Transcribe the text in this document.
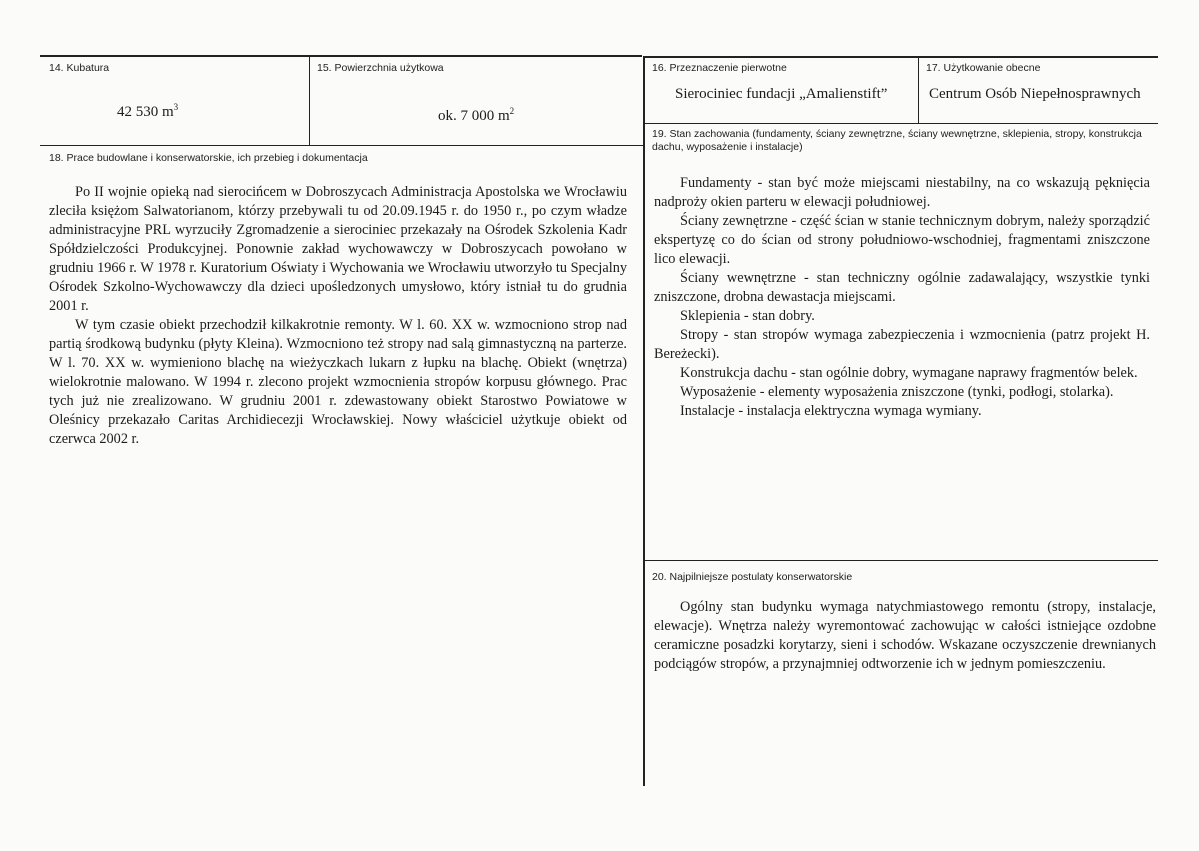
14. Kubatura
42 530 $m^3$
15. Powierzchnia użytkowa
ok. 7 000 $m^2$
16. Przeznaczenie pierwotne
Sierociniec fundacji „Amalienstift”
17. Użytkowanie obecne
Centrum Osób Niepełnosprawnych
18. Prace budowlane i konserwatorskie, ich przebieg i dokumentacja

Po II wojnie opieką nad sierocińcem w Dobroszycach Administracja Apostolska we Wrocławiu zleciła księżom Salwatorianom, którzy przebywali tu od 20.09.1945 r. do 1950 r., po czym władze administracyjne PRL wyrzuciły Zgromadzenie a sierociniec przekazały na Ośrodek Szkolenia Kadr Spółdzielczości Produkcyjnej. Ponownie zakład wychowawczy w Dobroszycach powołano w grudniu 1966 r. W 1978 r. Kuratorium Oświaty i Wychowania we Wrocławiu utworzyło tu Specjalny Ośrodek Szkolno-Wychowawczy dla dzieci upośledzonych umysłowo, który istniał tu do grudnia 2001 r.

W tym czasie obiekt przechodził kilkakrotnie remonty. W l. 60. XX w. wzmocniono strop nad partią środkową budynku (płyty Kleina). Wzmocniono też stropy nad salą gimnastyczną na parterze. W l. 70. XX w. wymieniono blachę na wieżyczkach lukarn z łupku na blachę. Obiekt (wnętrza) wielokrotnie malowano. W 1994 r. zlecono projekt wzmocnienia stropów korpusu głównego. Prac tych już nie zrealizowano. W grudniu 2001 r. zdewastowany obiekt Starostwo Powiatowe w Oleśnicy przekazało Caritas Archidiecezji Wrocławskiej. Nowy właściciel użytkuje obiekt od czerwca 2002 r.

19. Stan zachowania (fundamenty, ściany zewnętrzne, ściany wewnętrzne, sklepienia, stropy, konstrukcja dachu, wyposażenie i instalacje)

Fundamenty - stan być może miejscami niestabilny, na co wskazują pęknięcia nadproży okien parteru w elewacji południowej.

Ściany zewnętrzne - część ścian w stanie technicznym dobrym, należy sporządzić ekspertyzę co do ścian od strony południowo-wschodniej, fragmentami zniszczone lico elewacji.

Ściany wewnętrzne - stan techniczny ogólnie zadawalający, wszystkie tynki zniszczone, drobna dewastacja miejscami.

Sklepienia - stan dobry.

Stropy - stan stropów wymaga zabezpieczenia i wzmocnienia (patrz projekt H. Bereżecki).

Konstrukcja dachu - stan ogólnie dobry, wymagane naprawy fragmentów belek.

Wyposażenie - elementy wyposażenia zniszczone (tynki, podłogi, stolarka).

Instalacje - instalacja elektryczna wymaga wymiany.

20. Najpilniejsze postulaty konserwatorskie

Ogólny stan budynku wymaga natychmiastowego remontu (stropy, instalacje, elewacje). Wnętrza należy wyremontować zachowując w całości istniejące ozdobne ceramiczne posadzki korytarzy, sieni i schodów. Wskazane oczyszczenie drewnianych podciągów stropów, a przynajmniej odtworzenie ich w jednym pomieszczeniu.
